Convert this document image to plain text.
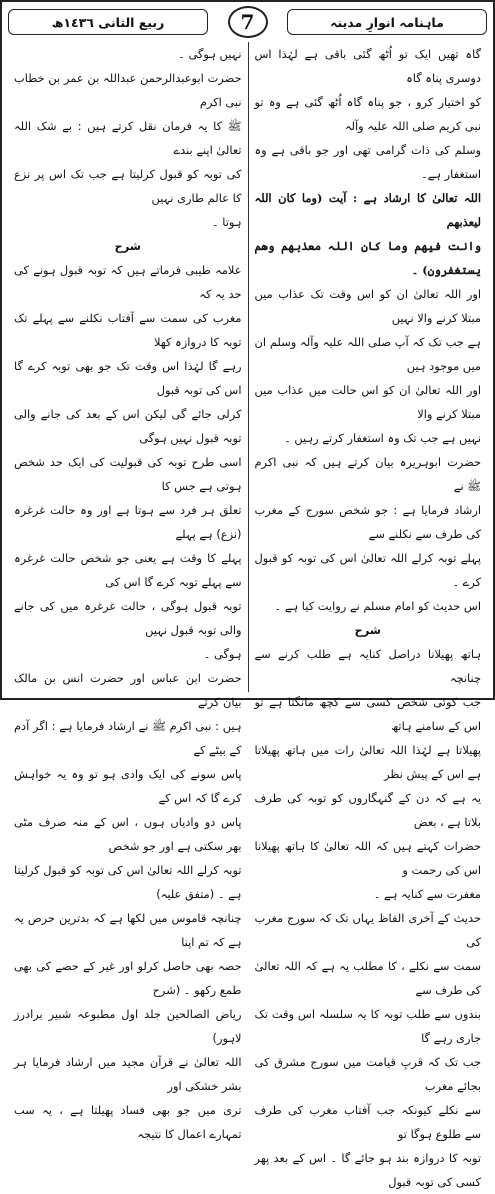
ماہنامہ انوارِ مدینہ
7
ربیع الثانی ١٤٣٦ھ

گاہ تھیں ایک تو اُٹھ گئی باقی ہے لہٰذا اس دوسری پناہ گاہ

کو اختیار کرو ، جو پناہ گاہ اُٹھ گئی ہے وہ تو نبی کریم صلی اللہ علیہ وآلہ

وسلم کی ذات گرامی تھی اور جو باقی ہے وہ استغفار ہے۔

اللہ تعالیٰ کا ارشاد ہے : آیت (وما کان اللہ لیعذبھم

وانت فیھم وما کان اللہ معذبھم وھم یستغفرون) ۔

اور اللہ تعالیٰ ان کو اس وقت تک عذاب میں مبتلا کرنے والا نہیں

ہے جب تک کہ آپ صلی اللہ علیہ وآلہ وسلم ان میں موجود ہیں

اور اللہ تعالیٰ ان کو اس حالت میں عذاب میں مبتلا کرنے والا

نہیں ہے جب تک وہ استغفار کرتے رہیں ۔

حضرت ابوہریرہ بیان کرتے ہیں کہ نبی اکرم ﷺ نے

ارشاد فرمایا ہے : جو شخص سورج کے مغرب کی طرف سے نکلنے سے

پہلے توبہ کرلے اللہ تعالیٰ اس کی توبہ کو قبول کرے ۔

اس حدیث کو امام مسلم نے روایت کیا ہے ۔

شرح

ہاتھ پھیلانا دراصل کنایہ ہے طلب کرنے سے چنانچہ

جب کوئی شخص کسی سے کچھ مانگتا ہے تو اس کے سامنے ہاتھ

پھیلاتا ہے لہٰذا اللہ تعالیٰ رات میں ہاتھ پھیلاتا ہے اس کے پیش نظر

یہ ہے کہ دن کے گنہگاروں کو توبہ کی طرف بلاتا ہے ، بعض

حضرات کہتے ہیں کہ اللہ تعالیٰ کا ہاتھ پھیلانا اس کی رحمت و

مغفرت سے کنایہ ہے ۔

حدیث کے آخری الفاظ یہاں تک کہ سورج مغرب کی

سمت سے نکلے ، کا مطلب یہ ہے کہ اللہ تعالیٰ کی طرف سے

بندوں سے طلب توبہ کا یہ سلسلہ اس وقت تک جاری رہے گا

جب تک کہ قربِ قیامت میں سورج مشرق کی بجائے مغرب

سے نکلے کیونکہ جب آفتاب مغرب کی طرف سے طلوع ہوگا تو

توبہ کا دروازہ بند ہو جائے گا ۔ اس کے بعد پھر کسی کی توبہ قبول

نہیں ہوگی ۔

حضرت ابوعبدالرحمن عبداللہ بن عمر بن خطاب نبی اکرم

ﷺ کا یہ فرمان نقل کرتے ہیں : بے شک اللہ تعالیٰ اپنے بندے

کی توبہ کو قبول کرلیتا ہے جب تک اس پر نزع کا عالم طاری نہیں

ہوتا ۔

شرح

علامہ طیبی فرماتے ہیں کہ توبہ قبول ہونے کی حد یہ کہ

مغرب کی سمت سے آفتاب نکلنے سے پہلے تک توبہ کا دروازہ کھلا

رہے گا لہٰذا اس وقت تک جو بھی توبہ کرے گا اس کی توبہ قبول

کرلی جائے گی لیکن اس کے بعد کی جانے والی توبہ قبول نہیں ہوگی

اسی طرح توبہ کی قبولیت کی ایک حد شخص ہوتی ہے جس کا

تعلق ہر فرد سے ہوتا ہے اور وہ حالت غرغرہ (نزع) ہے پہلے

پہلے کا وقت ہے یعنی جو شخص حالت غرغرہ سے پہلے توبہ کرے گا اس کی

توبہ قبول ہوگی ، حالت غرغرہ میں کی جانے والی توبہ قبول نہیں

ہوگی ۔

حضرت ابن عباس اور حضرت انس بن مالک بیان کرتے

ہیں : نبی اکرم ﷺ نے ارشاد فرمایا ہے : اگر آدم کے بیٹے کے

پاس سونے کی ایک وادی ہو تو وہ یہ خواہش کرے گا کہ اس کے

پاس دو وادیاں ہوں ، اس کے منہ صرف مٹی بھر سکتی ہے اور جو شخص

توبہ کرلے اللہ تعالیٰ اس کی توبہ کو قبول کرلیتا ہے ۔ (متفق علیہ)

چنانچہ قاموس میں لکھا ہے کہ بدترین حرص یہ ہے کہ تم اپنا

حصہ بھی حاصل کرلو اور غیر کے حصے کی بھی طمع رکھو ۔ (شرح

ریاض الصالحین جلد اول مطبوعہ شبیر برادرز لاہور)

اللہ تعالیٰ نے قرآن مجید میں ارشاد فرمایا ہر بشر خشکی اور

تری میں جو بھی فساد پھیلتا ہے ، یہ سب تمہارے اعمال کا نتیجہ
